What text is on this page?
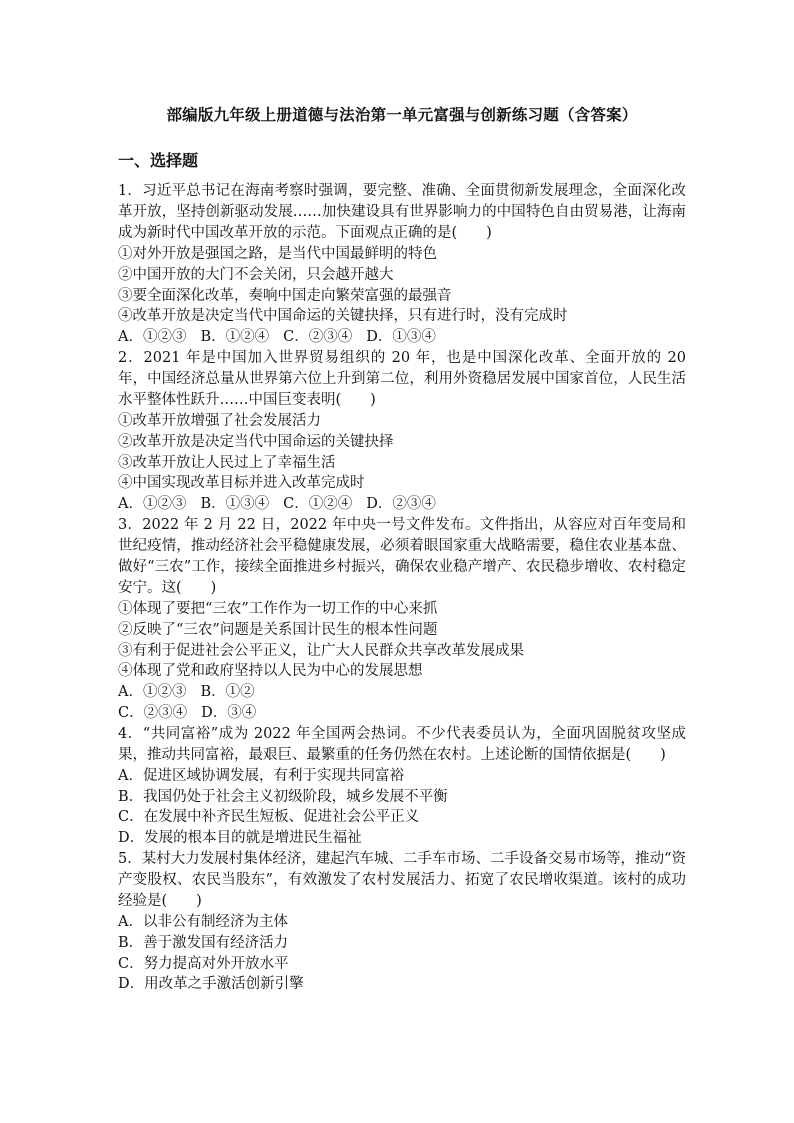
部编版九年级上册道德与法治第一单元富强与创新练习题（含答案）
一、选择题

1．习近平总书记在海南考察时强调，要完整、准确、全面贯彻新发展理念，全面深化改革开放，坚持创新驱动发展……加快建设具有世界影响力的中国特色自由贸易港，让海南成为新时代中国改革开放的示范。下面观点正确的是(　　)

①对外开放是强国之路，是当代中国最鲜明的特色

②中国开放的大门不会关闭，只会越开越大

③要全面深化改革，奏响中国走向繁荣富强的最强音

④改革开放是决定当代中国命运的关键抉择，只有进行时，没有完成时

A．①②③ B．①②④ C．②③④ D．①③④

2．2021 年是中国加入世界贸易组织的 20 年，也是中国深化改革、全面开放的 20 年，中国经济总量从世界第六位上升到第二位，利用外资稳居发展中国家首位，人民生活水平整体性跃升……中国巨变表明(　　)

①改革开放增强了社会发展活力

②改革开放是决定当代中国命运的关键抉择

③改革开放让人民过上了幸福生活

④中国实现改革目标并进入改革完成时

A．①②③ B．①③④ C．①②④ D．②③④

3．2022 年 2 月 22 日，2022 年中央一号文件发布。文件指出，从容应对百年变局和世纪疫情，推动经济社会平稳健康发展，必须着眼国家重大战略需要，稳住农业基本盘、做好“三农”工作，接续全面推进乡村振兴，确保农业稳产增产、农民稳步增收、农村稳定安宁。这(　　)

①体现了要把“三农”工作作为一切工作的中心来抓

②反映了“三农”问题是关系国计民生的根本性问题

③有利于促进社会公平正义，让广大人民群众共享改革发展成果

④体现了党和政府坚持以人民为中心的发展思想

A．①②③ B．①②

C．②③④ D．③④

4．“共同富裕”成为 2022 年全国两会热词。不少代表委员认为，全面巩固脱贫攻坚成果，推动共同富裕，最艰巨、最繁重的任务仍然在农村。上述论断的国情依据是(　　)

A．促进区域协调发展，有利于实现共同富裕

B．我国仍处于社会主义初级阶段，城乡发展不平衡

C．在发展中补齐民生短板、促进社会公平正义

D．发展的根本目的就是增进民生福祉

5．某村大力发展村集体经济，建起汽车城、二手车市场、二手设备交易市场等，推动“资产变股权、农民当股东”，有效激发了农村发展活力、拓宽了农民增收渠道。该村的成功经验是(　　)

A．以非公有制经济为主体

B．善于激发国有经济活力

C．努力提高对外开放水平

D．用改革之手激活创新引擎
